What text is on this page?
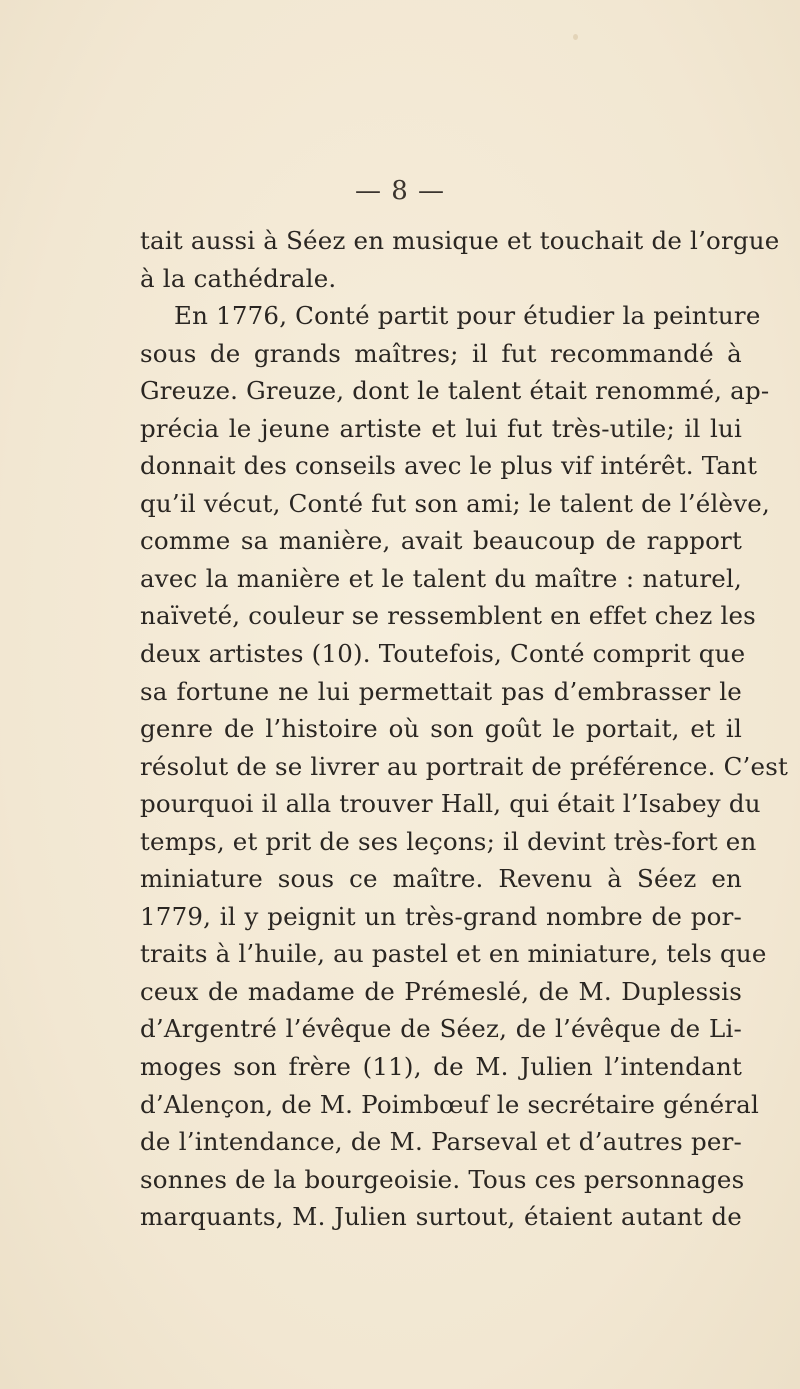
— 8 —
tait aussi à Séez en musique et touchait de l’orgue
à la cathédrale.
En 1776, Conté partit pour étudier la peinture
sous de grands maîtres; il fut recommandé à
Greuze. Greuze, dont le talent était renommé, ap-
précia le jeune artiste et lui fut très-utile; il lui
donnait des conseils avec le plus vif intérêt. Tant
qu’il vécut, Conté fut son ami; le talent de l’élève,
comme sa manière, avait beaucoup de rapport
avec la manière et le talent du maître : naturel,
naïveté, couleur se ressemblent en effet chez les
deux artistes (10). Toutefois, Conté comprit que
sa fortune ne lui permettait pas d’embrasser le
genre de l’histoire où son goût le portait, et il
résolut de se livrer au portrait de préférence. C’est
pourquoi il alla trouver Hall, qui était l’Isabey du
temps, et prit de ses leçons; il devint très-fort en
miniature sous ce maître. Revenu à Séez en
1779, il y peignit un très-grand nombre de por-
traits à l’huile, au pastel et en miniature, tels que
ceux de madame de Prémeslé, de M. Duplessis
d’Argentré l’évêque de Séez, de l’évêque de Li-
moges son frère (11), de M. Julien l’intendant
d’Alençon, de M. Poimbœuf le secrétaire général
de l’intendance, de M. Parseval et d’autres per-
sonnes de la bourgeoisie. Tous ces personnages
marquants, M. Julien surtout, étaient autant de
